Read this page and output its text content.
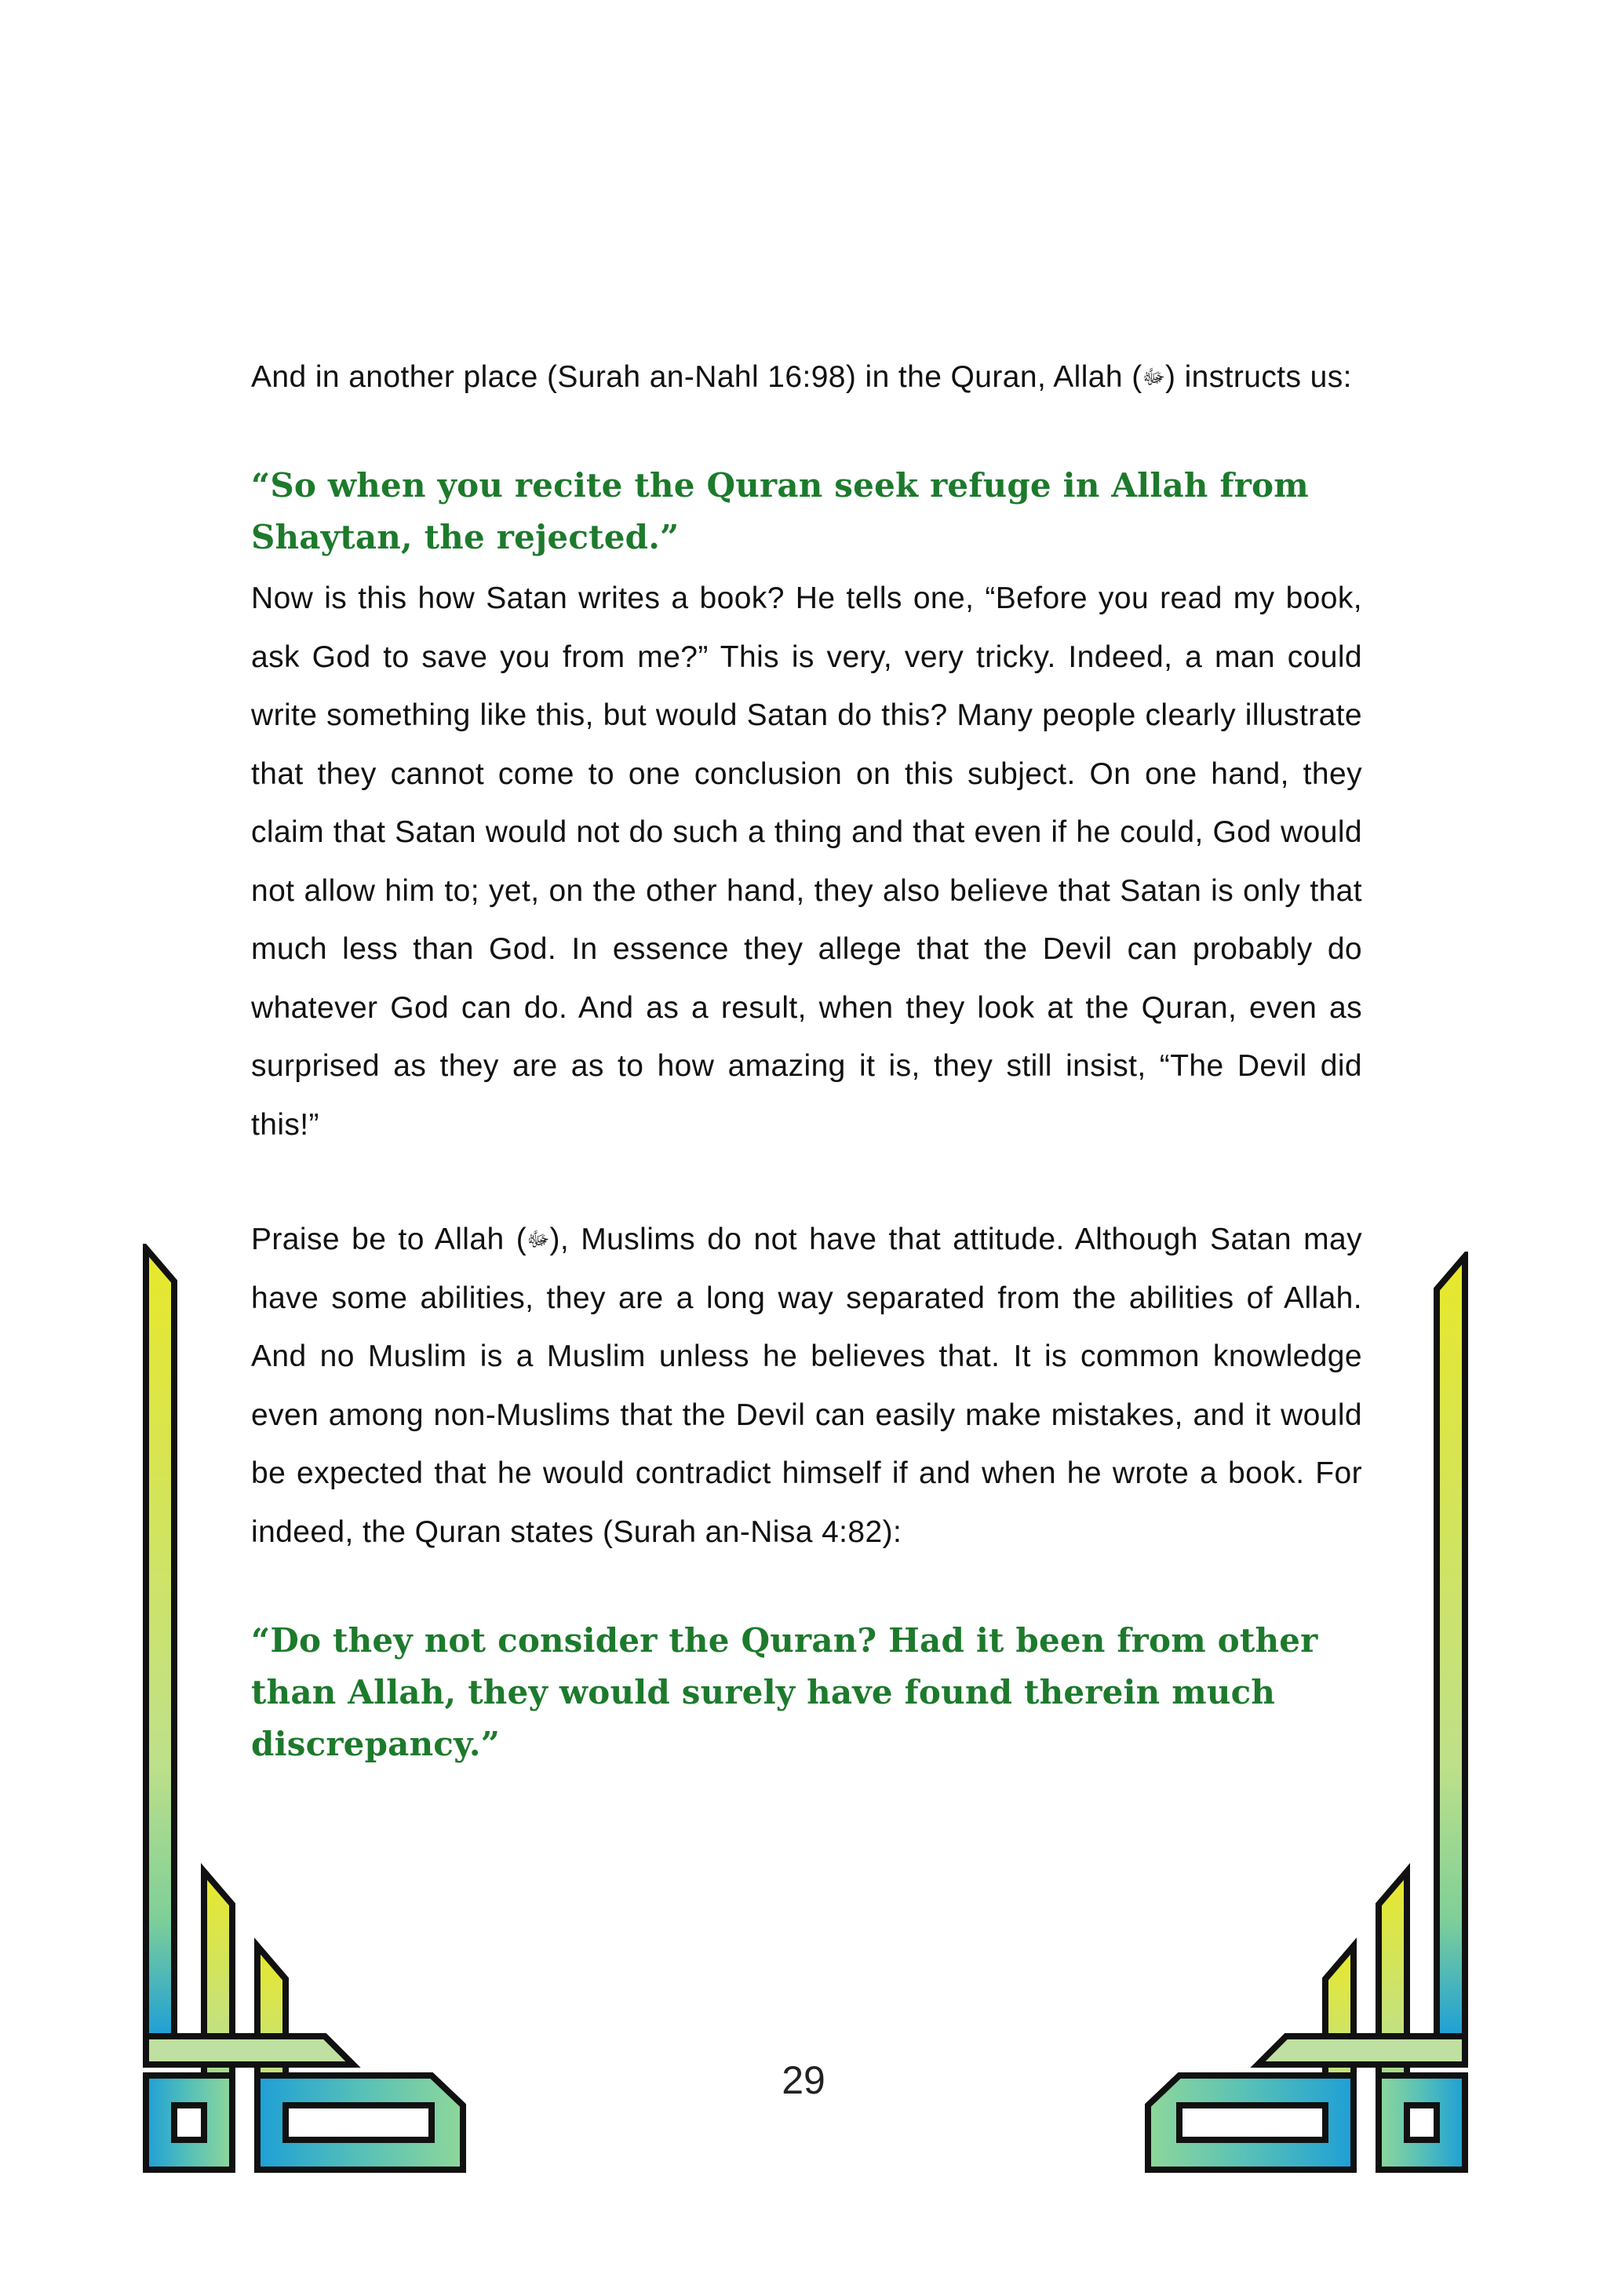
And in another place (Surah an-Nahl 16:98) in the Quran, Allah (ﷻ) instructs us:

“So when you recite the Quran seek refuge in Allah from Shaytan, the rejected.”

Now is this how Satan writes a book? He tells one, “Before you read my book, ask God to save you from me?” This is very, very tricky. Indeed, a man could write something like this, but would Satan do this? Many people clearly illustrate that they cannot come to one conclusion on this subject. On one hand, they claim that Satan would not do such a thing and that even if he could, God would not allow him to; yet, on the other hand, they also believe that Satan is only that much less than God. In essence they allege that the Devil can probably do whatever God can do. And as a result, when they look at the Quran, even as surprised as they are as to how amazing it is, they still insist, “The Devil did this!”

Praise be to Allah (ﷻ), Muslims do not have that attitude. Although Satan may have some abilities, they are a long way separated from the abilities of Allah. And no Muslim is a Muslim unless he believes that. It is common knowledge even among non-Muslims that the Devil can easily make mistakes, and it would be expected that he would contradict himself if and when he wrote a book. For indeed, the Quran states (Surah an-Nisa 4:82):

“Do they not consider the Quran? Had it been from other than Allah, they would surely have found therein much discrepancy.”

29
